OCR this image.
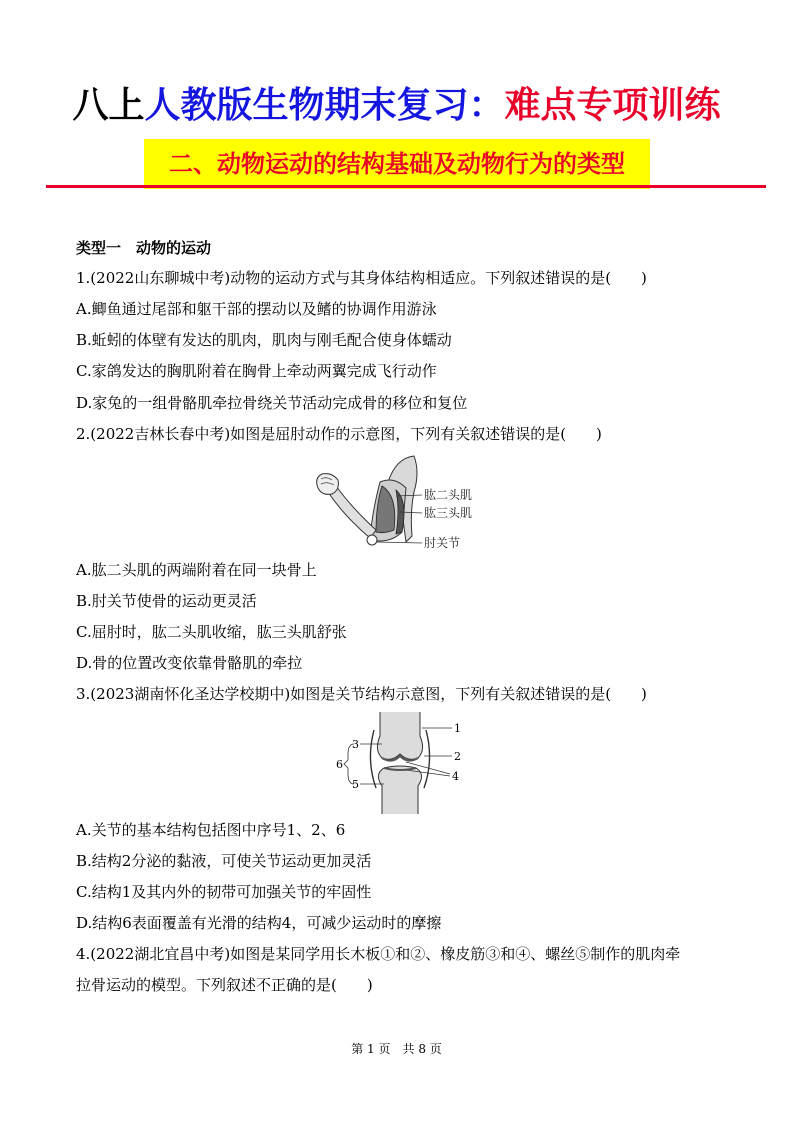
八上人教版生物期末复习：难点专项训练
二、动物运动的结构基础及动物行为的类型
类型一　动物的运动
1.(2022山东聊城中考)动物的运动方式与其身体结构相适应。下列叙述错误的是(　　)
A.鲫鱼通过尾部和躯干部的摆动以及鳍的协调作用游泳
B.蚯蚓的体壁有发达的肌肉，肌肉与刚毛配合使身体蠕动
C.家鸽发达的胸肌附着在胸骨上牵动两翼完成飞行动作
D.家兔的一组骨骼肌牵拉骨绕关节活动完成骨的移位和复位
2.(2022吉林长春中考)如图是屈肘动作的示意图，下列有关叙述错误的是(　　)
肱二头肌
肱三头肌
肘关节
A.肱二头肌的两端附着在同一块骨上
B.肘关节使骨的运动更灵活
C.屈肘时，肱二头肌收缩，肱三头肌舒张
D.骨的位置改变依靠骨骼肌的牵拉
3.(2023湖南怀化圣达学校期中)如图是关节结构示意图，下列有关叙述错误的是(　　)
1
2
3
4
5
6
A.关节的基本结构包括图中序号1、2、6
B.结构2分泌的黏液，可使关节运动更加灵活
C.结构1及其内外的韧带可加强关节的牢固性
D.结构6表面覆盖有光滑的结构4，可减少运动时的摩擦
4.(2022湖北宜昌中考)如图是某同学用长木板①和②、橡皮筋③和④、螺丝⑤制作的肌肉牵
拉骨运动的模型。下列叙述不正确的是(　　)
第 1 页　共 8 页
